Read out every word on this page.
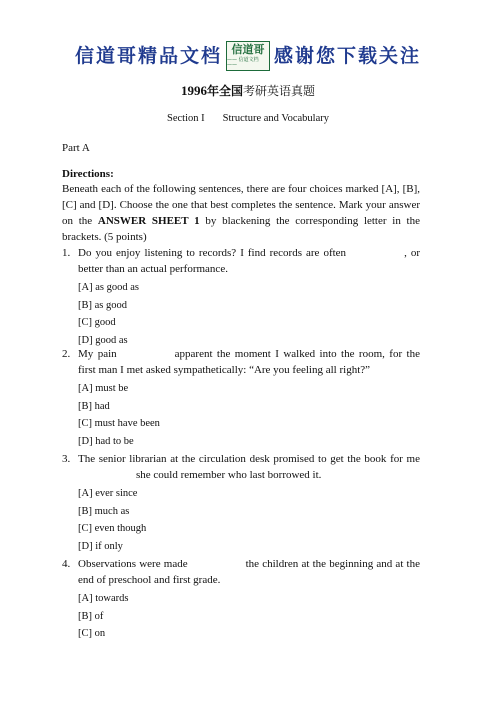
信道哥精品文档 信道哥
—— 信道文档 ——	感谢您下载关注
1996年全国考研英语真题
Section I Structure and Vocabulary
Part A
Directions:
Beneath each of the following sentences, there are four choices marked [A], [B], [C] and [D]. Choose the one that best completes the sentence. Mark your answer on the ANSWER SHEET 1 by blackening the corresponding letter in the brackets. (5 points)
1. Do you enjoy listening to records? I find records are often	, or better than an actual performance.
[A] as good as
[B] as good
[C] good
[D] good as
2. My pain	apparent the moment I walked into the room, for the first man I met asked sympathetically: “Are you feeling all right?”
[A] must be
[B] had
[C] must have been
[D] had to be
3. The senior librarian at the circulation desk promised to get the book for meshe could remember who last borrowed it.
[A] ever since
[B] much as
[C] even though
[D] if only
4. Observations were made	the children at the beginning and at the end of preschool and first grade.
[A] towards
[B] of
[C] on
